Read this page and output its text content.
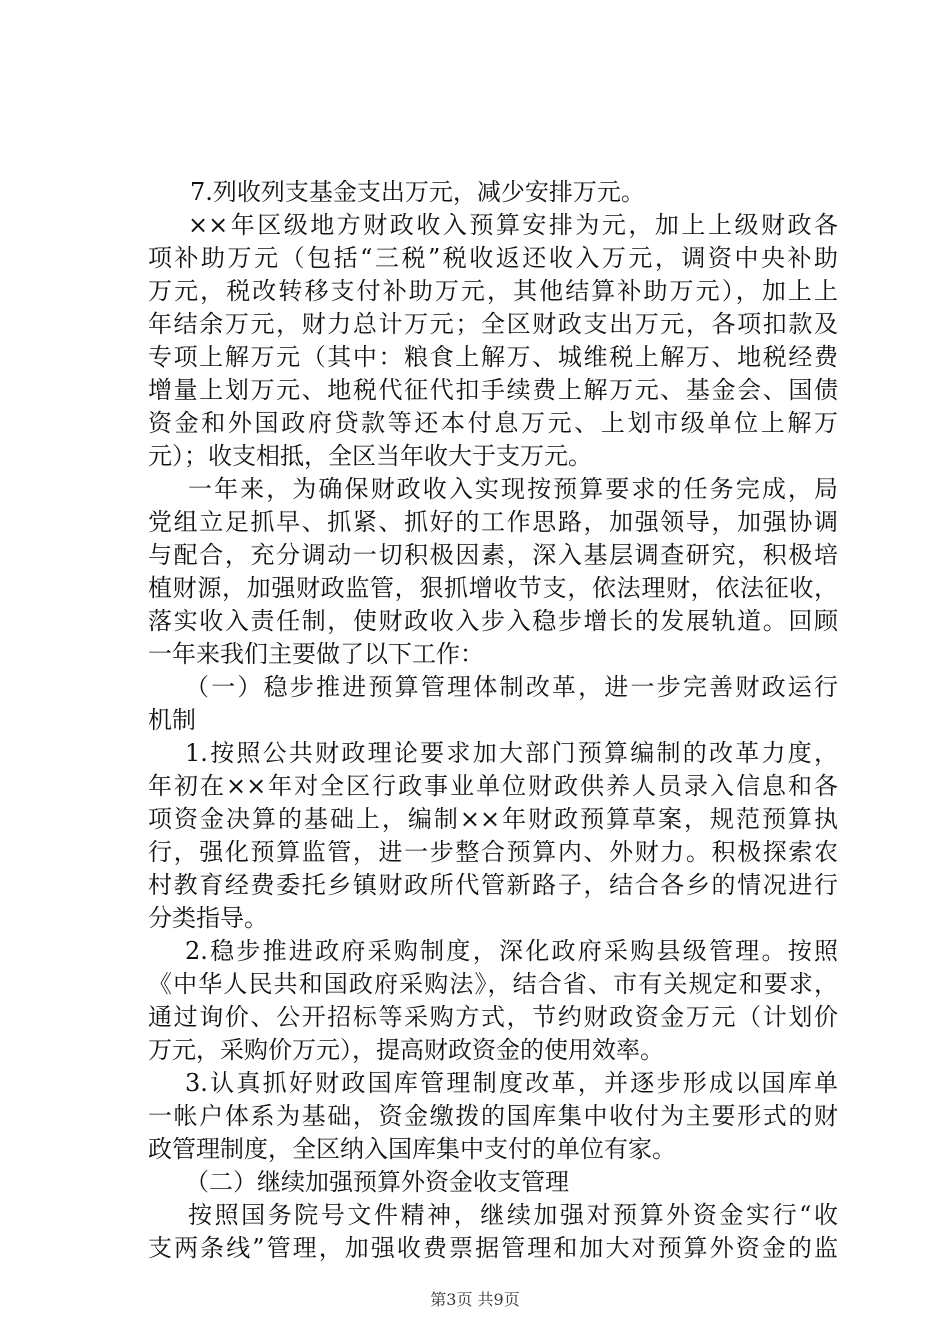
7.列收列支基金支出万元，减少安排万元。
××年区级地方财政收入预算安排为元，加上上级财政各
项补助万元（包括“三税”税收返还收入万元，调资中央补助
万元，税改转移支付补助万元，其他结算补助万元），加上上
年结余万元，财力总计万元；全区财政支出万元，各项扣款及
专项上解万元（其中：粮食上解万、城维税上解万、地税经费
增量上划万元、地税代征代扣手续费上解万元、基金会、国债
资金和外国政府贷款等还本付息万元、上划市级单位上解万
元）；收支相抵，全区当年收大于支万元。
一年来，为确保财政收入实现按预算要求的任务完成，局
党组立足抓早、抓紧、抓好的工作思路，加强领导，加强协调
与配合，充分调动一切积极因素，深入基层调查研究，积极培
植财源，加强财政监管，狠抓增收节支，依法理财，依法征收，
落实收入责任制，使财政收入步入稳步增长的发展轨道。回顾
一年来我们主要做了以下工作：
（一）稳步推进预算管理体制改革，进一步完善财政运行
机制
1.按照公共财政理论要求加大部门预算编制的改革力度，
年初在××年对全区行政事业单位财政供养人员录入信息和各
项资金决算的基础上，编制××年财政预算草案，规范预算执
行，强化预算监管，进一步整合预算内、外财力。积极探索农
村教育经费委托乡镇财政所代管新路子，结合各乡的情况进行
分类指导。
2.稳步推进政府采购制度，深化政府采购县级管理。按照
《中华人民共和国政府采购法》，结合省、市有关规定和要求，
通过询价、公开招标等采购方式，节约财政资金万元（计划价
万元，采购价万元），提高财政资金的使用效率。
3.认真抓好财政国库管理制度改革，并逐步形成以国库单
一帐户体系为基础，资金缴拨的国库集中收付为主要形式的财
政管理制度，全区纳入国库集中支付的单位有家。
（二）继续加强预算外资金收支管理
按照国务院号文件精神，继续加强对预算外资金实行“收
支两条线”管理，加强收费票据管理和加大对预算外资金的监
第3页 共9页
